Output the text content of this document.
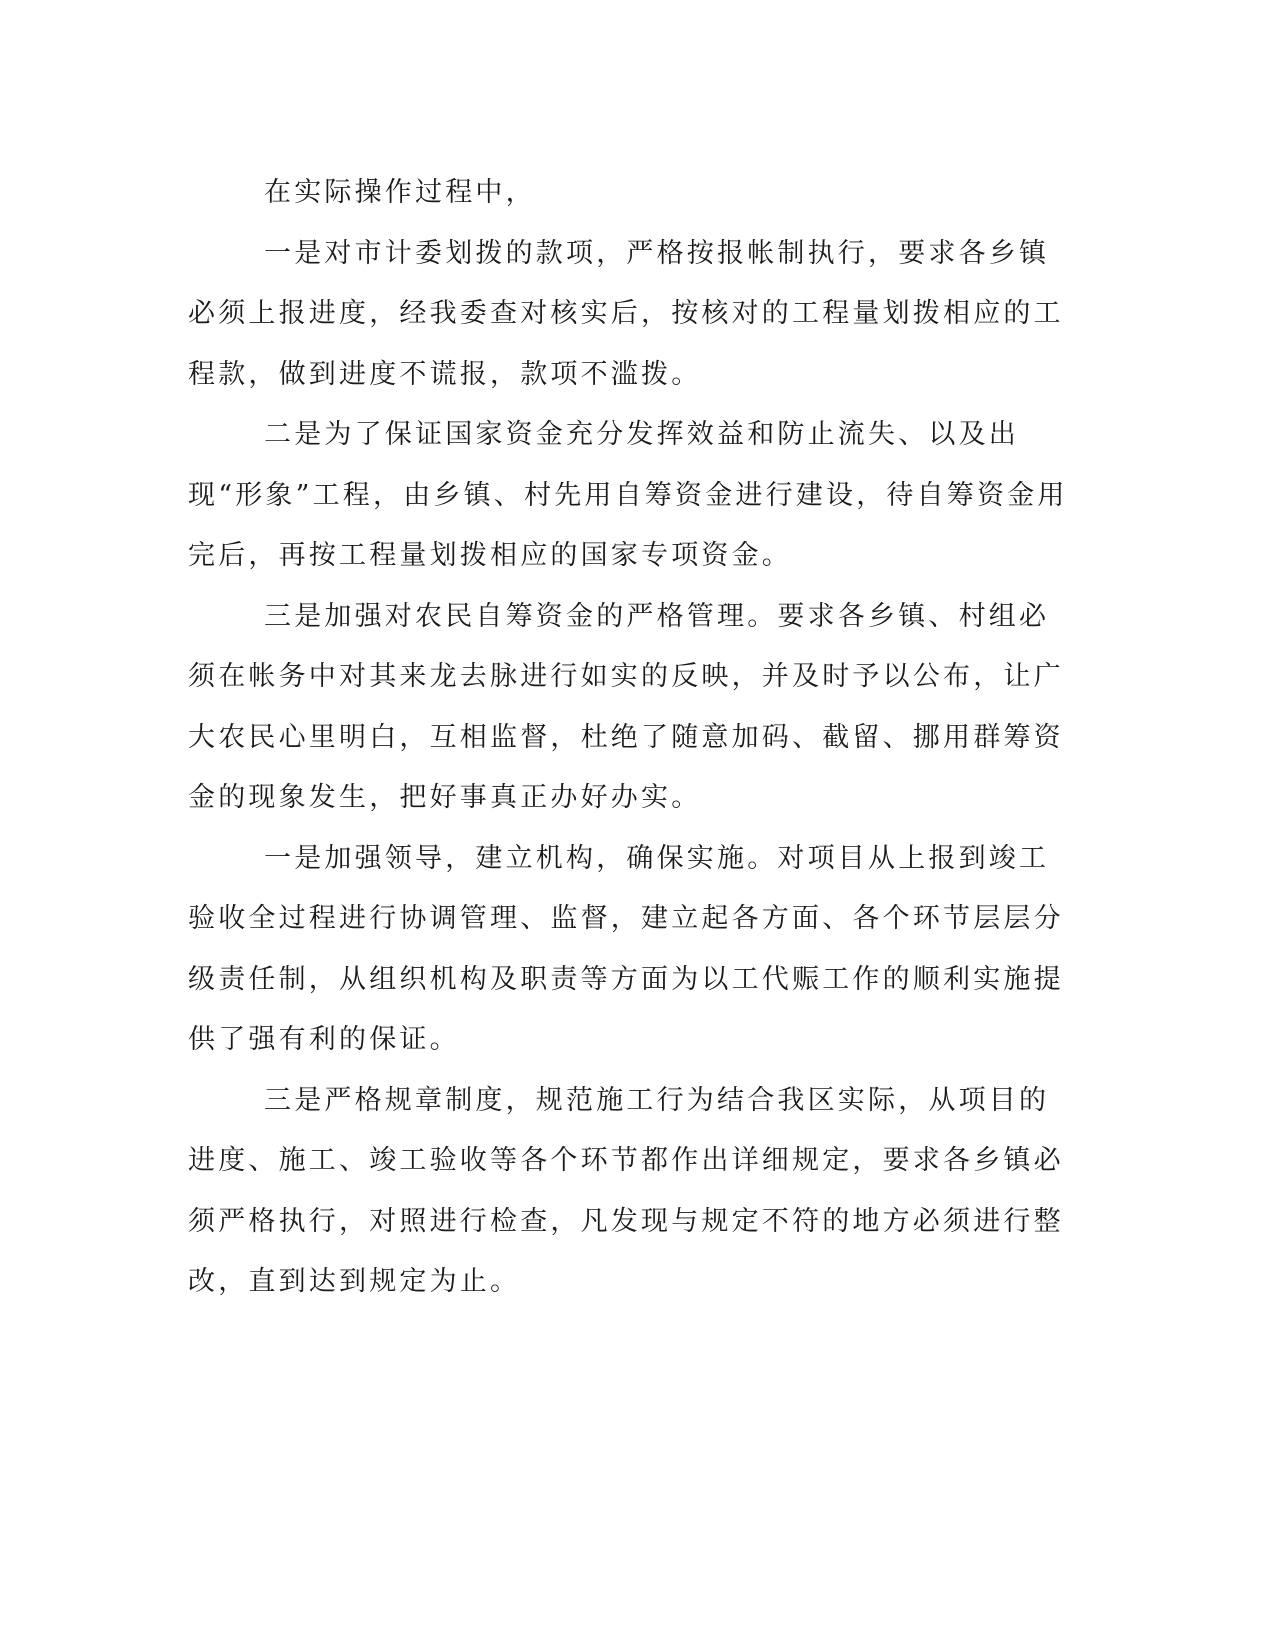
在实际操作过程中，

一是对市计委划拨的款项，严格按报帐制执行，要求各乡镇必须上报进度，经我委查对核实后，按核对的工程量划拨相应的工程款，做到进度不谎报，款项不滥拨。

二是为了保证国家资金充分发挥效益和防止流失、以及出现“形象”工程，由乡镇、村先用自筹资金进行建设，待自筹资金用完后，再按工程量划拨相应的国家专项资金。

三是加强对农民自筹资金的严格管理。要求各乡镇、村组必须在帐务中对其来龙去脉进行如实的反映，并及时予以公布，让广大农民心里明白，互相监督，杜绝了随意加码、截留、挪用群筹资金的现象发生，把好事真正办好办实。

一是加强领导，建立机构，确保实施。对项目从上报到竣工验收全过程进行协调管理、监督，建立起各方面、各个环节层层分级责任制，从组织机构及职责等方面为以工代赈工作的顺利实施提供了强有利的保证。

三是严格规章制度，规范施工行为结合我区实际，从项目的进度、施工、竣工验收等各个环节都作出详细规定，要求各乡镇必须严格执行，对照进行检查，凡发现与规定不符的地方必须进行整改，直到达到规定为止。
